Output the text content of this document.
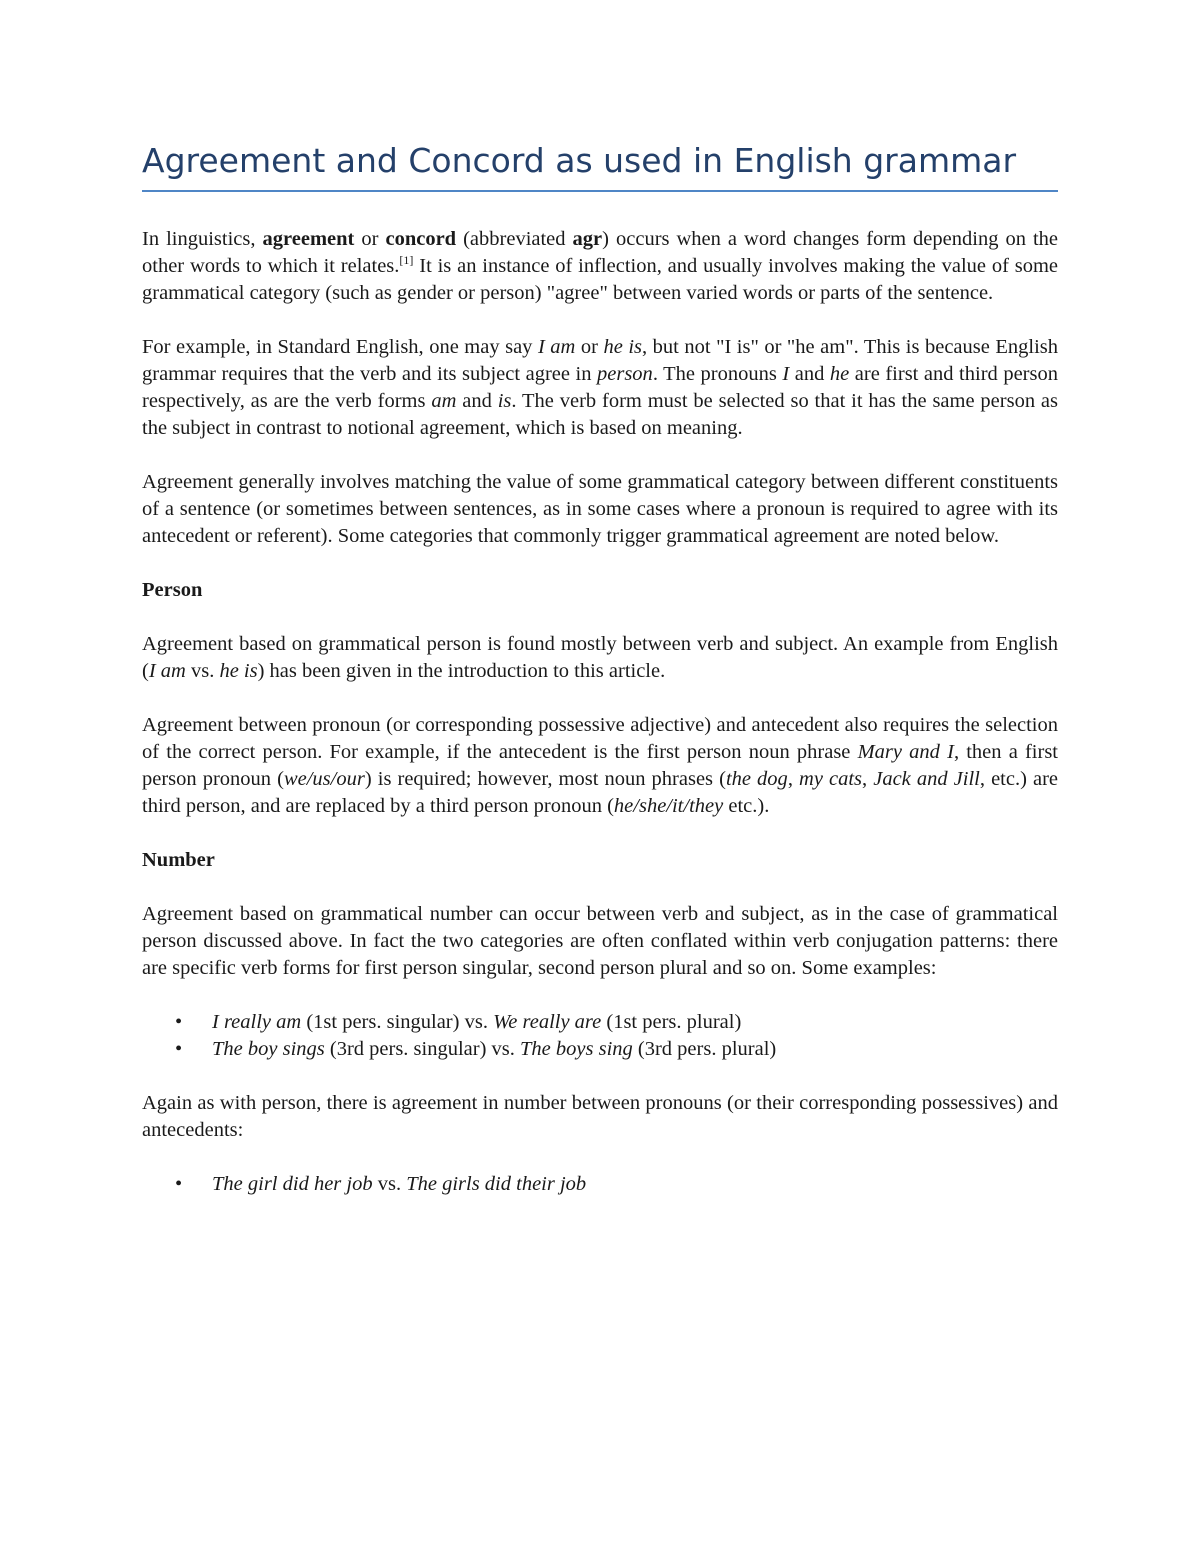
Agreement and Concord as used in English grammar

In linguistics, agreement or concord (abbreviated agr) occurs when a word changes form depending on the other words to which it relates.[1] It is an instance of inflection, and usually involves making the value of some grammatical category (such as gender or person) "agree" between varied words or parts of the sentence.

For example, in Standard English, one may say I am or he is, but not "I is" or "he am". This is because English grammar requires that the verb and its subject agree in person. The pronouns I and he are first and third person respectively, as are the verb forms am and is. The verb form must be selected so that it has the same person as the subject in contrast to notional agreement, which is based on meaning.

Agreement generally involves matching the value of some grammatical category between different constituents of a sentence (or sometimes between sentences, as in some cases where a pronoun is required to agree with its antecedent or referent). Some categories that commonly trigger grammatical agreement are noted below.

Person

Agreement based on grammatical person is found mostly between verb and subject. An example from English (I am vs. he is) has been given in the introduction to this article.

Agreement between pronoun (or corresponding possessive adjective) and antecedent also requires the selection of the correct person. For example, if the antecedent is the first person noun phrase Mary and I, then a first person pronoun (we/us/our) is required; however, most noun phrases (the dog, my cats, Jack and Jill, etc.) are third person, and are replaced by a third person pronoun (he/she/it/they etc.).

Number

Agreement based on grammatical number can occur between verb and subject, as in the case of grammatical person discussed above. In fact the two categories are often conflated within verb conjugation patterns: there are specific verb forms for first person singular, second person plural and so on. Some examples:

• I really am (1st pers. singular) vs. We really are (1st pers. plural)
• The boy sings (3rd pers. singular) vs. The boys sing (3rd pers. plural)

Again as with person, there is agreement in number between pronouns (or their corresponding possessives) and antecedents:

• The girl did her job vs. The girls did their job
